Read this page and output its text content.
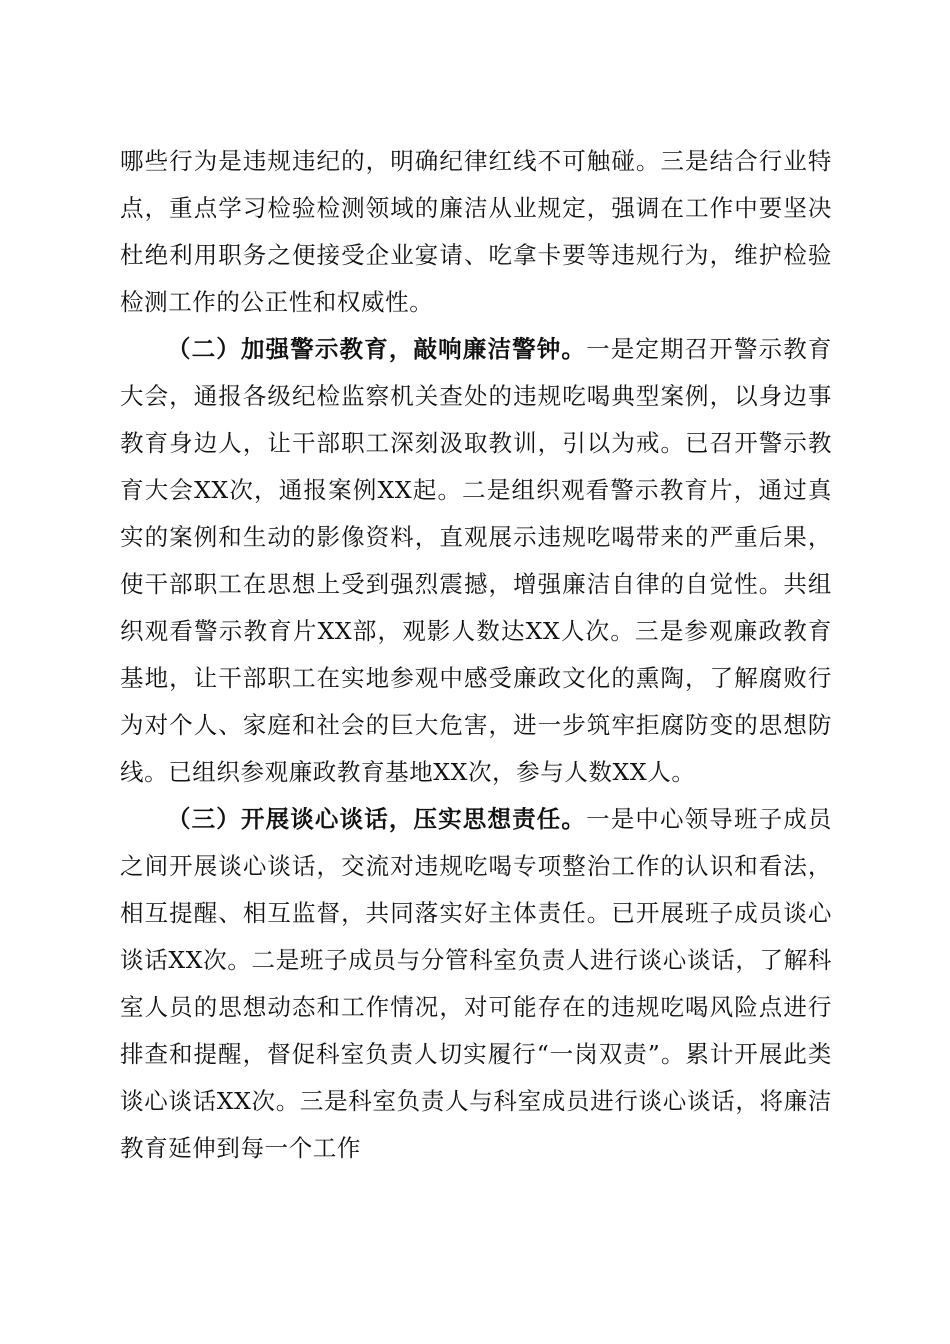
哪些行为是违规违纪的，明确纪律红线不可触碰。三是结合行业特点，重点学习检验检测领域的廉洁从业规定，强调在工作中要坚决杜绝利用职务之便接受企业宴请、吃拿卡要等违规行为，维护检验检测工作的公正性和权威性。

（二）加强警示教育，敲响廉洁警钟。一是定期召开警示教育大会，通报各级纪检监察机关查处的违规吃喝典型案例，以身边事教育身边人，让干部职工深刻汲取教训，引以为戒。已召开警示教育大会XX次，通报案例XX起。二是组织观看警示教育片，通过真实的案例和生动的影像资料，直观展示违规吃喝带来的严重后果，使干部职工在思想上受到强烈震撼，增强廉洁自律的自觉性。共组织观看警示教育片XX部，观影人数达XX人次。三是参观廉政教育基地，让干部职工在实地参观中感受廉政文化的熏陶，了解腐败行为对个人、家庭和社会的巨大危害，进一步筑牢拒腐防变的思想防线。已组织参观廉政教育基地XX次，参与人数XX人。

（三）开展谈心谈话，压实思想责任。一是中心领导班子成员之间开展谈心谈话，交流对违规吃喝专项整治工作的认识和看法，相互提醒、相互监督，共同落实好主体责任。已开展班子成员谈心谈话XX次。二是班子成员与分管科室负责人进行谈心谈话，了解科室人员的思想动态和工作情况，对可能存在的违规吃喝风险点进行排查和提醒，督促科室负责人切实履行“一岗双责”。累计开展此类谈心谈话XX次。三是科室负责人与科室成员进行谈心谈话，将廉洁教育延伸到每一个工作
